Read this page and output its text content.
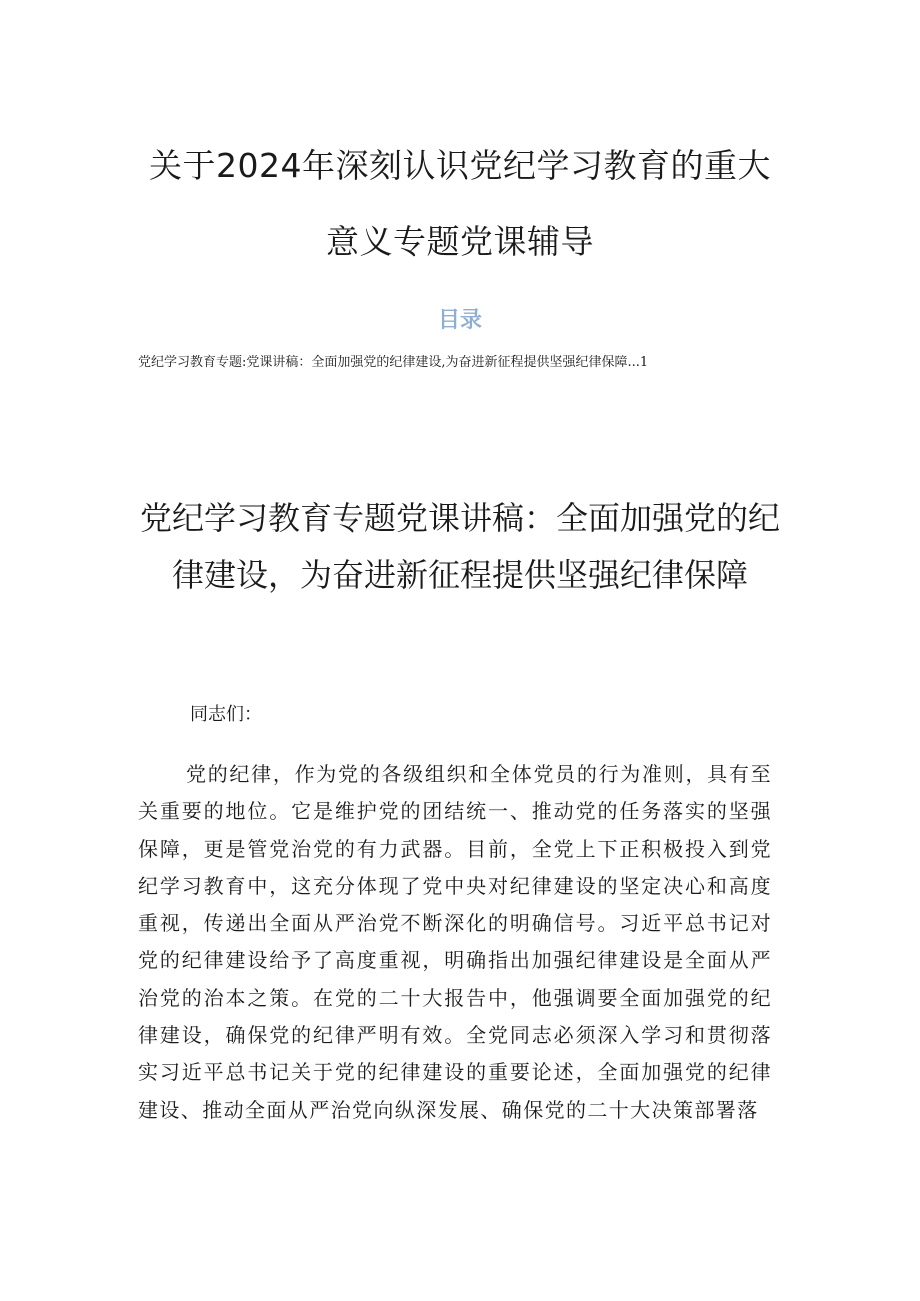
关于2024年深刻认识党纪学习教育的重大意义专题党课辅导
目录
党纪学习教育专题:党课讲稿：全面加强党的纪律建设,为奋进新征程提供坚强纪律保障 ... 1
党纪学习教育专题党课讲稿：全面加强党的纪律建设，为奋进新征程提供坚强纪律保障

同志们：

党的纪律，作为党的各级组织和全体党员的行为准则，具有至关重要的地位。它是维护党的团结统一、推动党的任务落实的坚强保障，更是管党治党的有力武器。目前，全党上下正积极投入到党纪学习教育中，这充分体现了党中央对纪律建设的坚定决心和高度重视，传递出全面从严治党不断深化的明确信号。习近平总书记对党的纪律建设给予了高度重视，明确指出加强纪律建设是全面从严治党的治本之策。在党的二十大报告中，他强调要全面加强党的纪律建设，确保党的纪律严明有效。全党同志必须深入学习和贯彻落实习近平总书记关于党的纪律建设的重要论述，全面加强党的纪律建设、推动全面从严治党向纵深发展、确保党的二十大决策部署落
